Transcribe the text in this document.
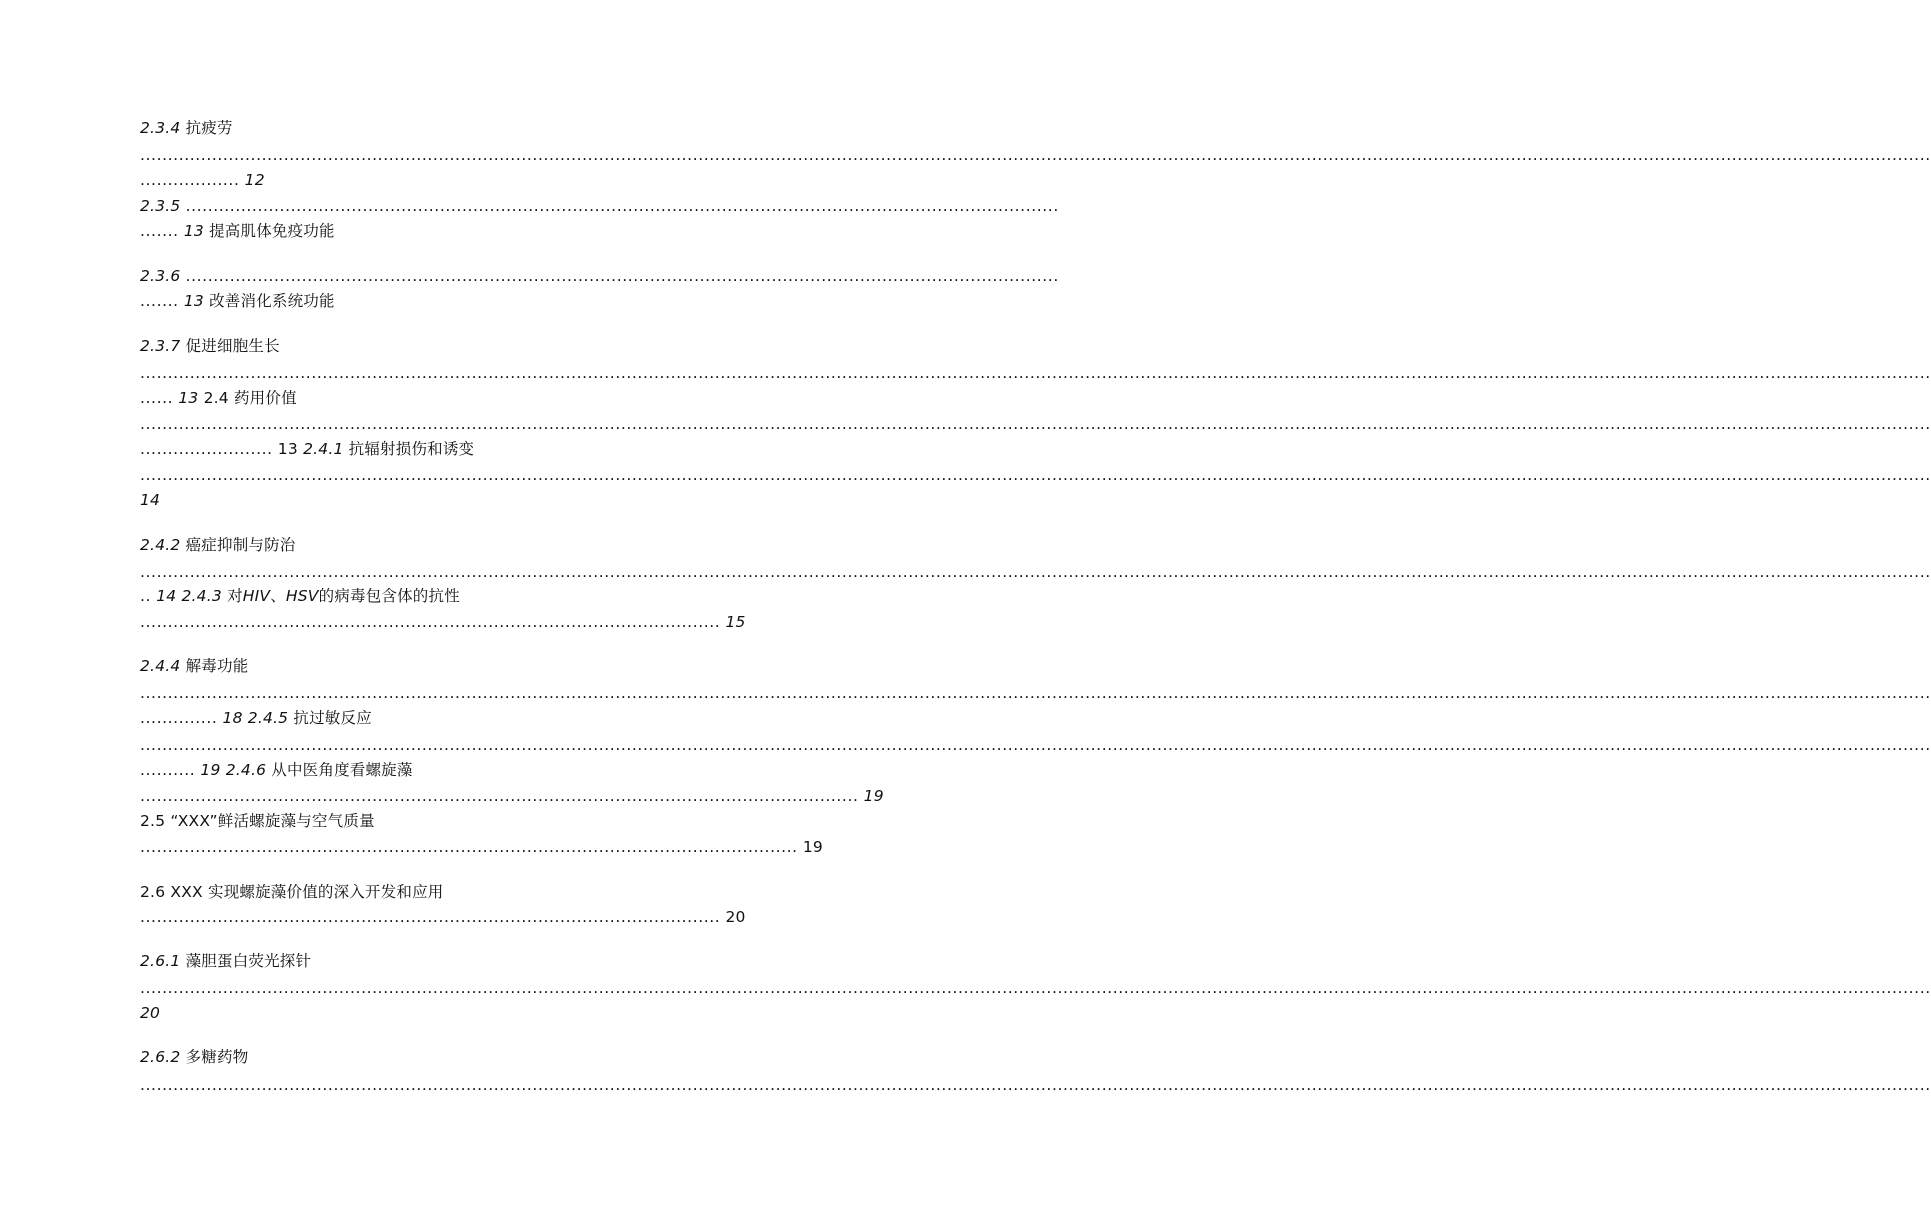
2.3.4 抗疲劳
.....
.................. 12
2.3.5 ..............................................................................................................................................................
....... 13 提高肌体免疫功能
2.3.6 ..............................................................................................................................................................
....... 13 改善消化系统功能
2.3.7 促进细胞生长
.....
...... 13 2.4 药用价值
.....
........................ 13 2.4.1 抗辐射损伤和诱变
.....
14
2.4.2 癌症抑制与防治
.....
.. 14 2.4.3 对HIV、HSV的病毒包含体的抗性
......................................................................................................... 15
2.4.4 解毒功能
.....
.............. 18 2.4.5 抗过敏反应
.....
.......... 19 2.4.6 从中医角度看螺旋藻
.................................................................................................................................. 19
2.5 “XXX”鲜活螺旋藻与空气质量
....................................................................................................................... 19
2.6 XXX 实现螺旋藻价值的深入开发和应用
......................................................................................................... 20
2.6.1 藻胆蛋白荧光探针
.....
20
2.6.2 多糖药物
.....
